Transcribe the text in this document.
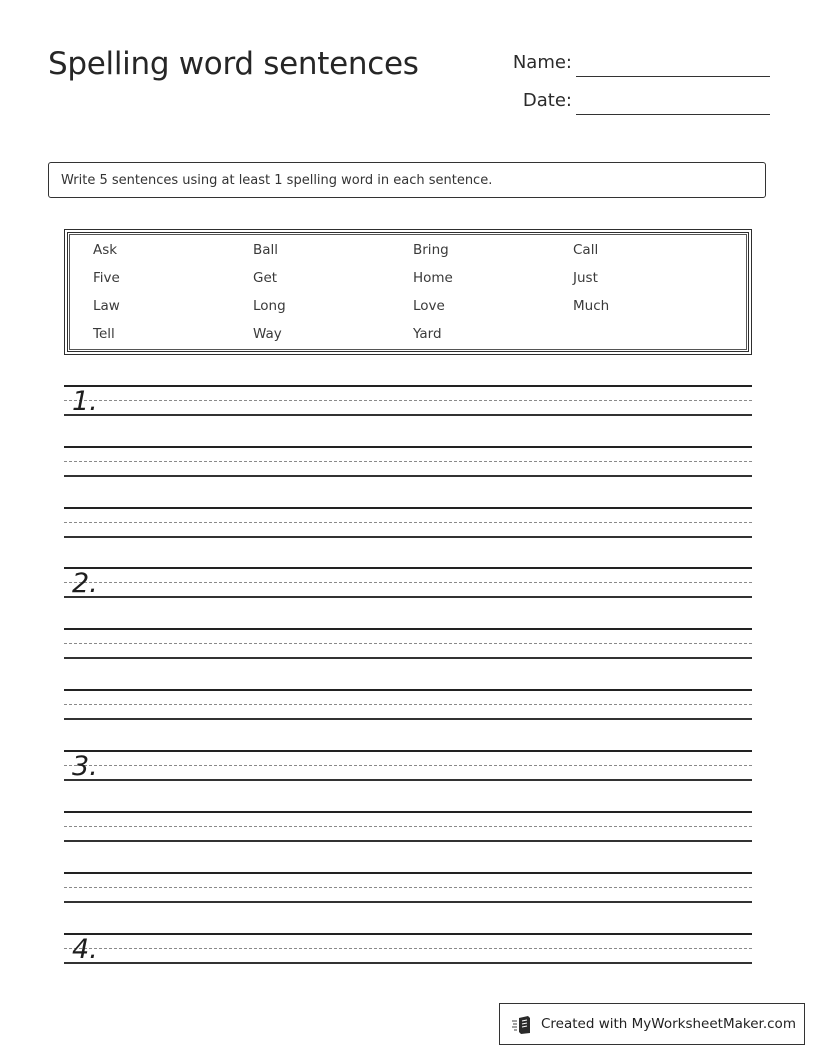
Spelling word sentences	Name:
Date:
Write 5 sentences using at least 1 spelling word in each sentence.
Ask
Five
Law
Tell
Ball
Get
Long
Way
Bring
Home
Love
Yard
Call
Just
Much
1.
2.
3.
4.
Created with MyWorksheetMaker.com
